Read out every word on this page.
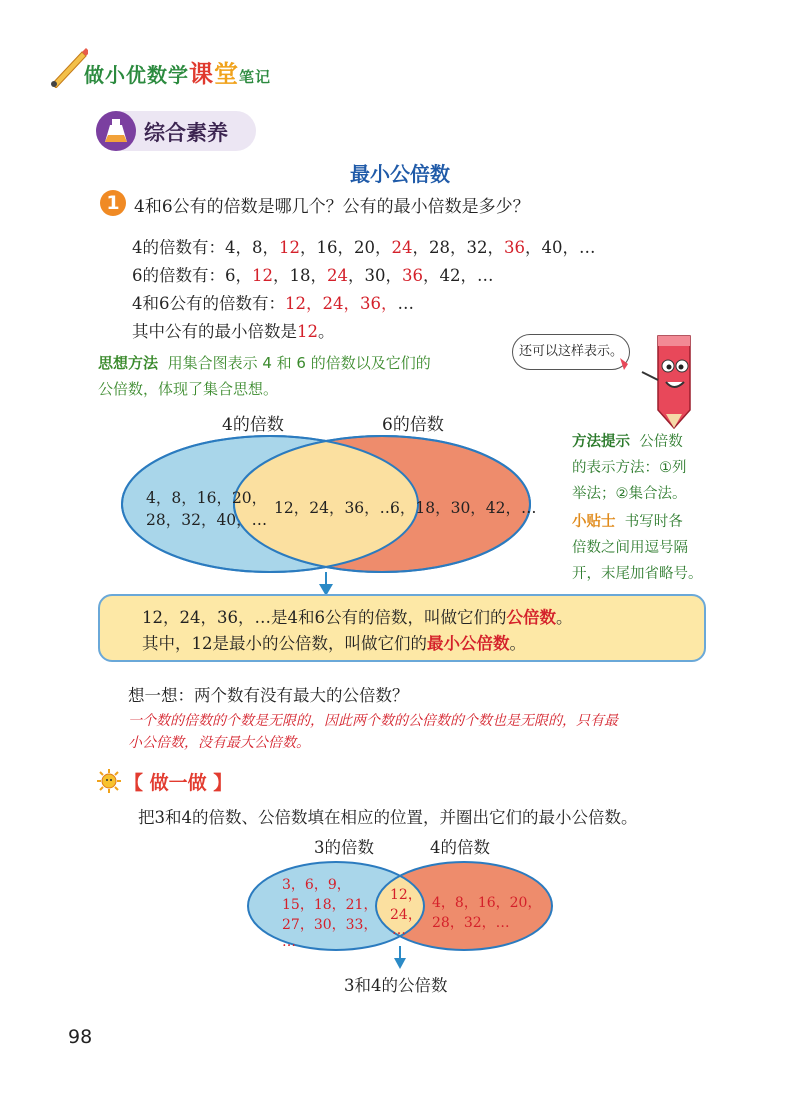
做小优数学课堂笔记
综合素养
最小公倍数
1 4和6公有的倍数是哪几个？公有的最小倍数是多少？
4的倍数有：4，8，12，16，20，24，28，32，36，40，…
6的倍数有：6，12，18，24，30，36，42，…
4和6公有的倍数有：12，24，36，…
其中公有的最小倍数是12。
思想方法 用集合图表示 4 和 6 的倍数以及它们的
公倍数，体现了集合思想。
还可以这样表示。
4的倍数	6的倍数
4，8，16，20，
28，32，40，…
12，24，36，…
6，18，30，42，…
方法提示 公倍数
的表示方法：①列
举法；②集合法。
小贴士 书写时各
倍数之间用逗号隔
开，末尾加省略号。
12，24，36，…是4和6公有的倍数，叫做它们的公倍数。
其中，12是最小的公倍数，叫做它们的最小公倍数。
想一想：两个数有没有最大的公倍数？
一个数的倍数的个数是无限的，因此两个数的公倍数的个数也是无限的，只有最
小公倍数，没有最大公倍数。
【 做一做 】
把3和4的倍数、公倍数填在相应的位置，并圈出它们的最小公倍数。
3的倍数	4的倍数
3，6，9，
15，18，21，
27，30，33，
…
12，
24，
…
4，8，16，20，
28，32，…
3和4的公倍数
98
